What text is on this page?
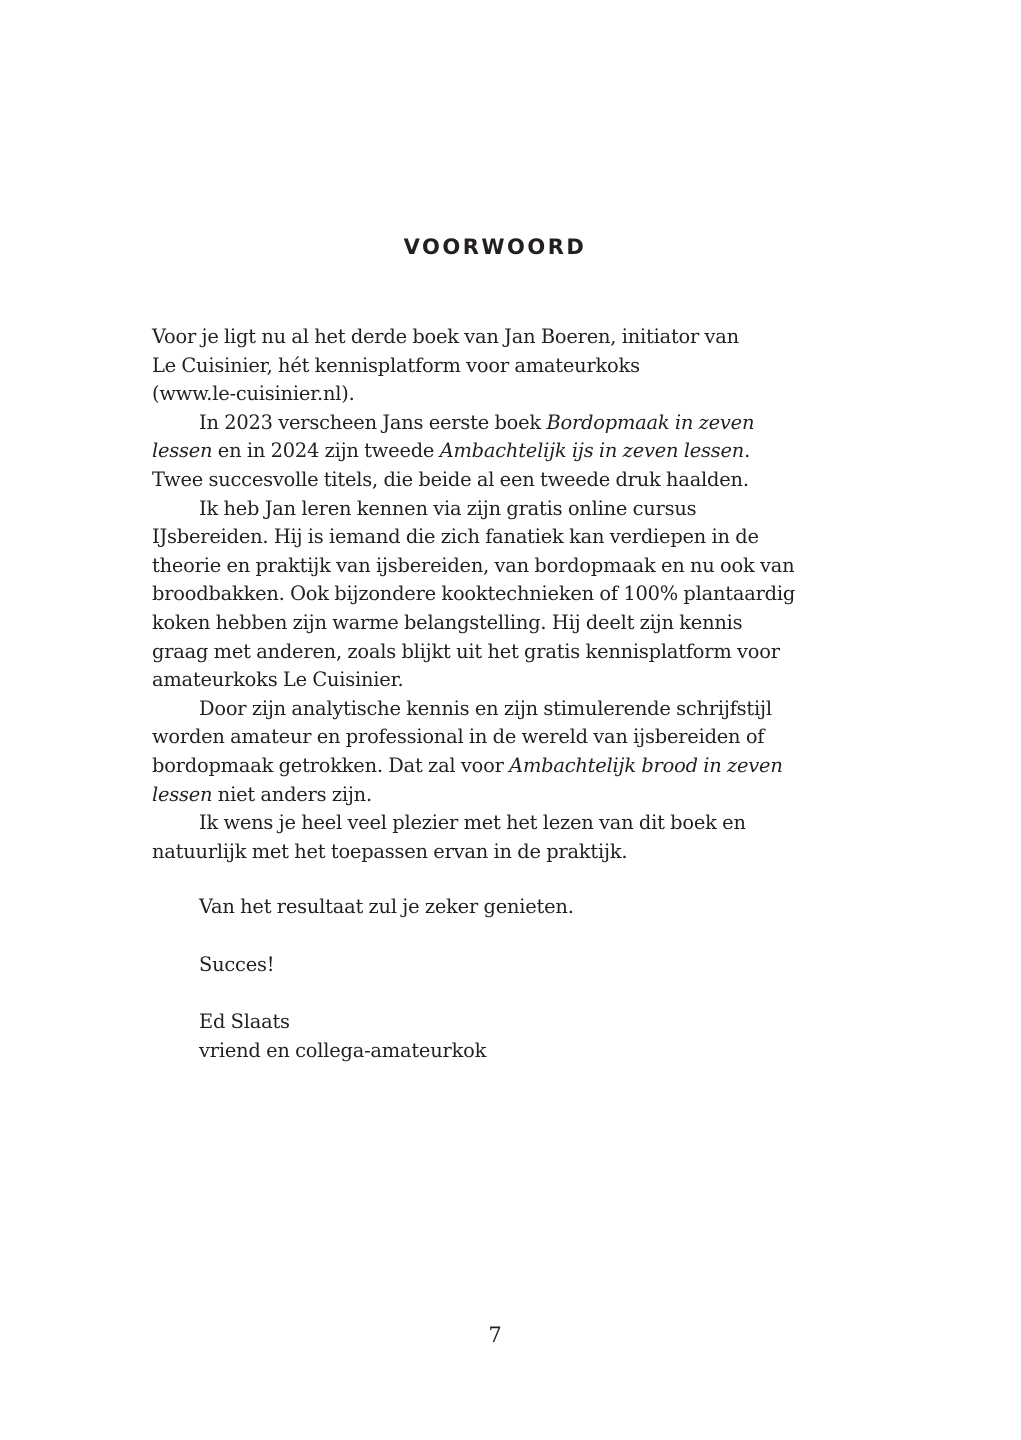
VOORWOORD

Voor je ligt nu al het derde boek van Jan Boeren, initiator van
Le Cuisinier, hét kennisplatform voor amateurkoks
(www.le-cuisinier.nl).

In 2023 verscheen Jans eerste boek Bordopmaak in zeven
lessen en in 2024 zijn tweede Ambachtelijk ijs in zeven lessen.
Twee succesvolle titels, die beide al een tweede druk haalden.

Ik heb Jan leren kennen via zijn gratis online cursus
IJsbereiden. Hij is iemand die zich fanatiek kan verdiepen in de
theorie en praktijk van ijsbereiden, van bordopmaak en nu ook van
broodbakken. Ook bijzondere kooktechnieken of 100% plantaardig
koken hebben zijn warme belangstelling. Hij deelt zijn kennis
graag met anderen, zoals blijkt uit het gratis kennisplatform voor
amateurkoks Le Cuisinier.

Door zijn analytische kennis en zijn stimulerende schrijfstijl
worden amateur en professional in de wereld van ijsbereiden of
bordopmaak getrokken. Dat zal voor Ambachtelijk brood in zeven
lessen niet anders zijn.

Ik wens je heel veel plezier met het lezen van dit boek en
natuurlijk met het toepassen ervan in de praktijk.

Van het resultaat zul je zeker genieten.

Succes!

Ed Slaats
vriend en collega-amateurkok

7
